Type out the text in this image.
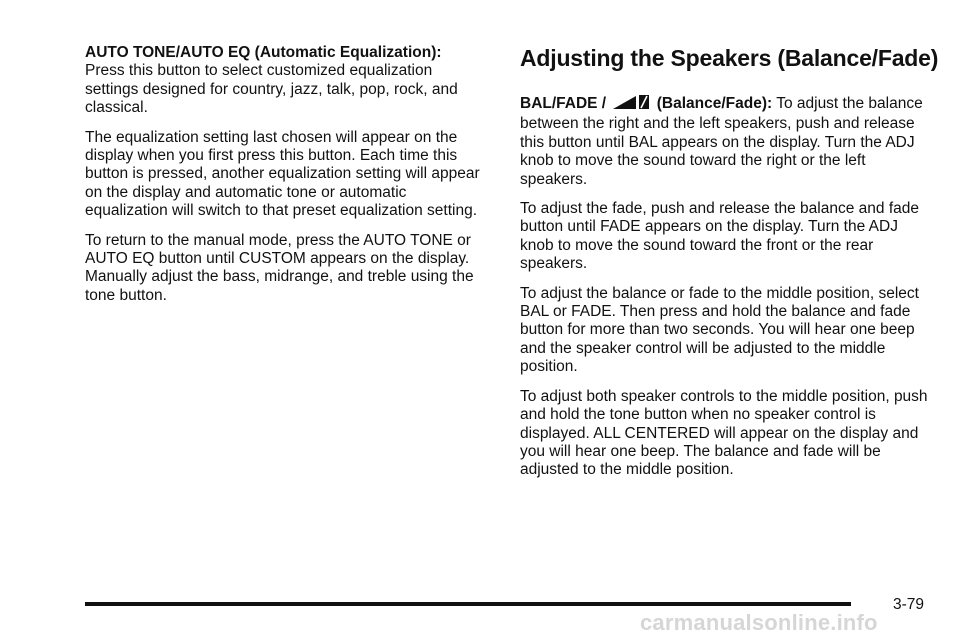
AUTO TONE/AUTO EQ (Automatic Equalization):
Press this button to select customized equalization settings designed for country, jazz, talk, pop, rock, and classical.

The equalization setting last chosen will appear on the display when you first press this button. Each time this button is pressed, another equalization setting will appear on the display and automatic tone or automatic equalization will switch to that preset equalization setting.

To return to the manual mode, press the AUTO TONE or AUTO EQ button until CUSTOM appears on the display. Manually adjust the bass, midrange, and treble using the tone button.

Adjusting the Speakers (Balance/Fade)

BAL/FADE /	(Balance/Fade): To adjust the balance between the right and the left speakers, push and release this button until BAL appears on the display. Turn the ADJ knob to move the sound toward the right or the left speakers.

To adjust the fade, push and release the balance and fade button until FADE appears on the display. Turn the ADJ knob to move the sound toward the front or the rear speakers.

To adjust the balance or fade to the middle position, select BAL or FADE. Then press and hold the balance and fade button for more than two seconds. You will hear one beep and the speaker control will be adjusted to the middle position.

To adjust both speaker controls to the middle position, push and hold the tone button when no speaker control is displayed. ALL CENTERED will appear on the display and you will hear one beep. The balance and fade will be adjusted to the middle position.

3-79
carmanualsonline.info
